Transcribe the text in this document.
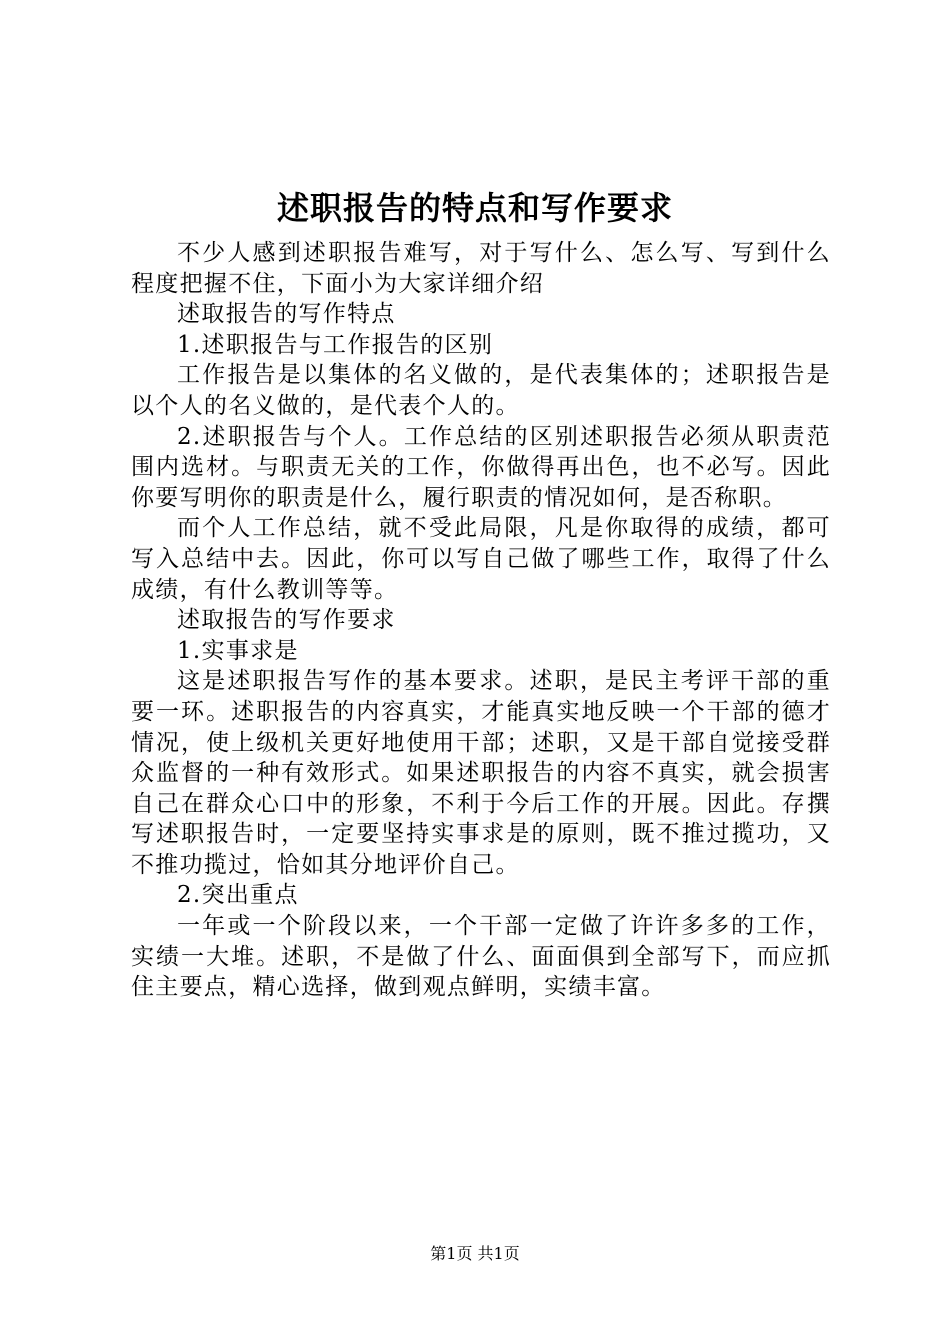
述职报告的特点和写作要求

不少人感到述职报告难写，对于写什么、怎么写、写到什么程度把握不住，下面小为大家详细介绍

述取报告的写作特点

1.述职报告与工作报告的区别

工作报告是以集体的名义做的，是代表集体的；述职报告是以个人的名义做的，是代表个人的。

2.述职报告与个人。工作总结的区别述职报告必须从职责范围内选材。与职责无关的工作，你做得再出色，也不必写。因此你要写明你的职责是什么，履行职责的情况如何，是否称职。

而个人工作总结，就不受此局限，凡是你取得的成绩，都可写入总结中去。因此，你可以写自己做了哪些工作，取得了什么成绩，有什么教训等等。

述取报告的写作要求

1.实事求是

这是述职报告写作的基本要求。述职，是民主考评干部的重要一环。述职报告的内容真实，才能真实地反映一个干部的德才情况，使上级机关更好地使用干部；述职，又是干部自觉接受群众监督的一种有效形式。如果述职报告的内容不真实，就会损害自己在群众心口中的形象，不利于今后工作的开展。因此。存撰写述职报告时，一定要坚持实事求是的原则，既不推过揽功，又不推功揽过，恰如其分地评价自己。

2.突出重点

一年或一个阶段以来，一个干部一定做了许许多多的工作，实绩一大堆。述职，不是做了什么、面面俱到全部写下，而应抓住主要点，精心选择，做到观点鲜明，实绩丰富。

第1页 共1页
